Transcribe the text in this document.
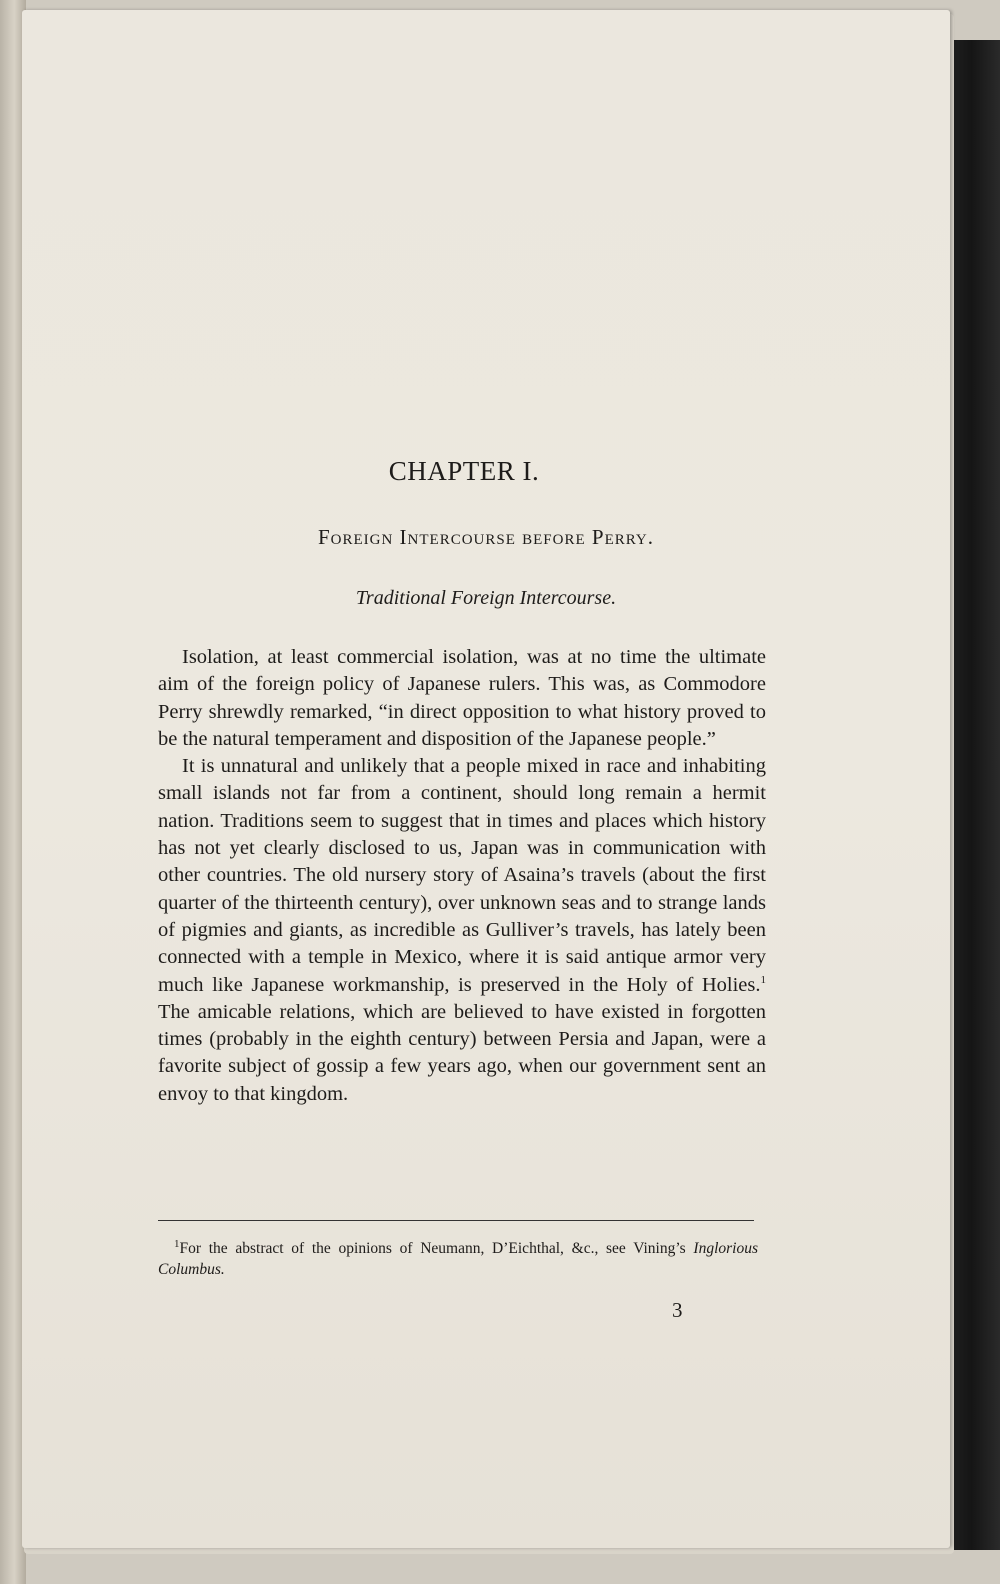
CHAPTER I.
Foreign Intercourse before Perry.
Traditional Foreign Intercourse.

Isolation, at least commercial isolation, was at no time the ultimate aim of the foreign policy of Japanese rulers. This was, as Commodore Perry shrewdly remarked, “in direct opposition to what history proved to be the natural temperament and disposition of the Japanese people.”

It is unnatural and unlikely that a people mixed in race and inhabiting small islands not far from a continent, should long remain a hermit nation. Traditions seem to suggest that in times and places which history has not yet clearly disclosed to us, Japan was in communication with other countries. The old nursery story of Asaina’s travels (about the first quarter of the thirteenth century), over unknown seas and to strange lands of pigmies and giants, as incredible as Gulliver’s travels, has lately been connected with a temple in Mexico, where it is said antique armor very much like Japanese workmanship, is preserved in the Holy of Holies.$^1$ The amicable relations, which are believed to have existed in forgotten times (probably in the eighth century) between Persia and Japan, were a favorite subject of gossip a few years ago, when our government sent an envoy to that kingdom.

$^1$For the abstract of the opinions of Neumann, D’Eichthal, &c., see Vining’s Inglorious Columbus.
3
